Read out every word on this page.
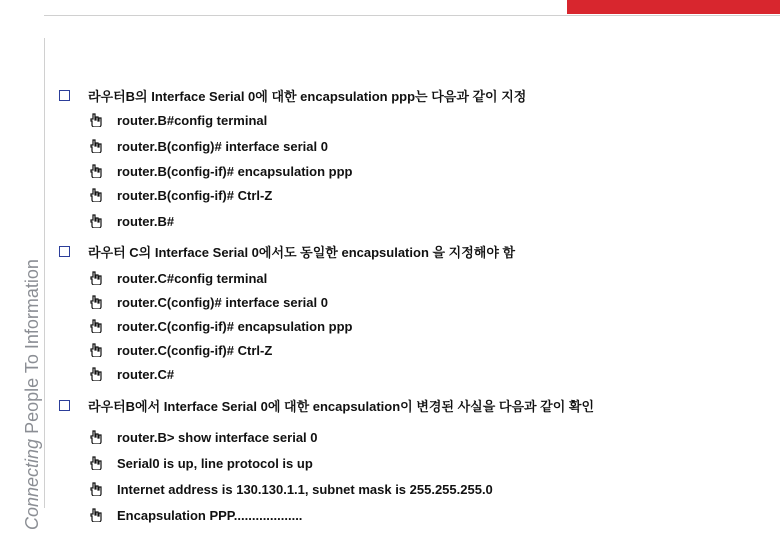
Connecting People To Information
라우터B의 Interface Serial 0에 대한 encapsulation ppp는 다음과 같이 지정
router.B#config terminal
router.B(config)# interface serial 0
router.B(config-if)# encapsulation ppp
router.B(config-if)# Ctrl-Z
router.B#
라우터 C의 Interface Serial 0에서도 동일한 encapsulation 을 지정해야 함
router.C#config terminal
router.C(config)# interface serial 0
router.C(config-if)# encapsulation ppp
router.C(config-if)# Ctrl-Z
router.C#
라우터B에서 Interface Serial 0에 대한 encapsulation이 변경된 사실을 다음과 같이 확인
router.B> show interface serial 0
Serial0 is up, line protocol is up
Internet address is 130.130.1.1, subnet mask is 255.255.255.0
Encapsulation PPP...................
